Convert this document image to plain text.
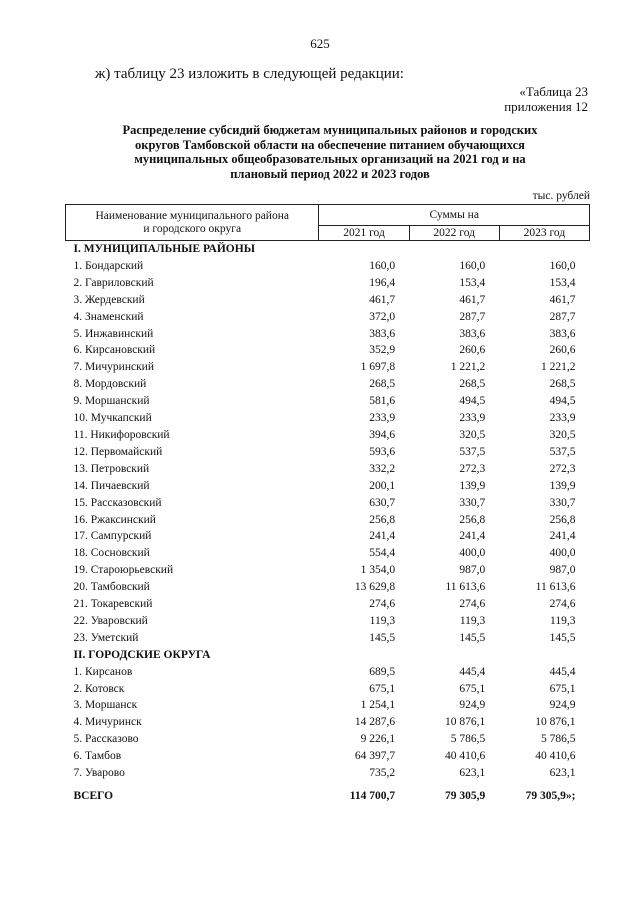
625
ж) таблицу 23 изложить в следующей редакции:
«Таблица 23
приложения 12
Распределение субсидий бюджетам муниципальных районов и городских
округов Тамбовской области на обеспечение питанием обучающихся
муниципальных общеобразовательных организаций на 2021 год и на
плановый период 2022 и 2023 годов
тыс. рублей
Наименование муниципального района
и городского округа	Суммы на		
	2021 год	2022 год	2023 год
I. МУНИЦИПАЛЬНЫЕ РАЙОНЫ			
1. Бондарский	160,0	160,0	160,0
2. Гавриловский	196,4	153,4	153,4
3. Жердевский	461,7	461,7	461,7
4. Знаменский	372,0	287,7	287,7
5. Инжавинский	383,6	383,6	383,6
6. Кирсановский	352,9	260,6	260,6
7. Мичуринский	1 697,8	1 221,2	1 221,2
8. Мордовский	268,5	268,5	268,5
9. Моршанский	581,6	494,5	494,5
10. Мучкапский	233,9	233,9	233,9
11. Никифоровский	394,6	320,5	320,5
12. Первомайский	593,6	537,5	537,5
13. Петровский	332,2	272,3	272,3
14. Пичаевский	200,1	139,9	139,9
15. Рассказовский	630,7	330,7	330,7
16. Ржаксинский	256,8	256,8	256,8
17. Сампурский	241,4	241,4	241,4
18. Сосновский	554,4	400,0	400,0
19. Староюрьевский	1 354,0	987,0	987,0
20. Тамбовский	13 629,8	11 613,6	11 613,6
21. Токаревский	274,6	274,6	274,6
22. Уваровский	119,3	119,3	119,3
23. Уметский	145,5	145,5	145,5
II. ГОРОДСКИЕ ОКРУГА			
1. Кирсанов	689,5	445,4	445,4
2. Котовск	675,1	675,1	675,1
3. Моршанск	1 254,1	924,9	924,9
4. Мичуринск	14 287,6	10 876,1	10 876,1
5. Рассказово	9 226,1	5 786,5	5 786,5
6. Тамбов	64 397,7	40 410,6	40 410,6
7. Уварово	735,2	623,1	623,1
ВСЕГО	114 700,7	79 305,9	79 305,9»;
